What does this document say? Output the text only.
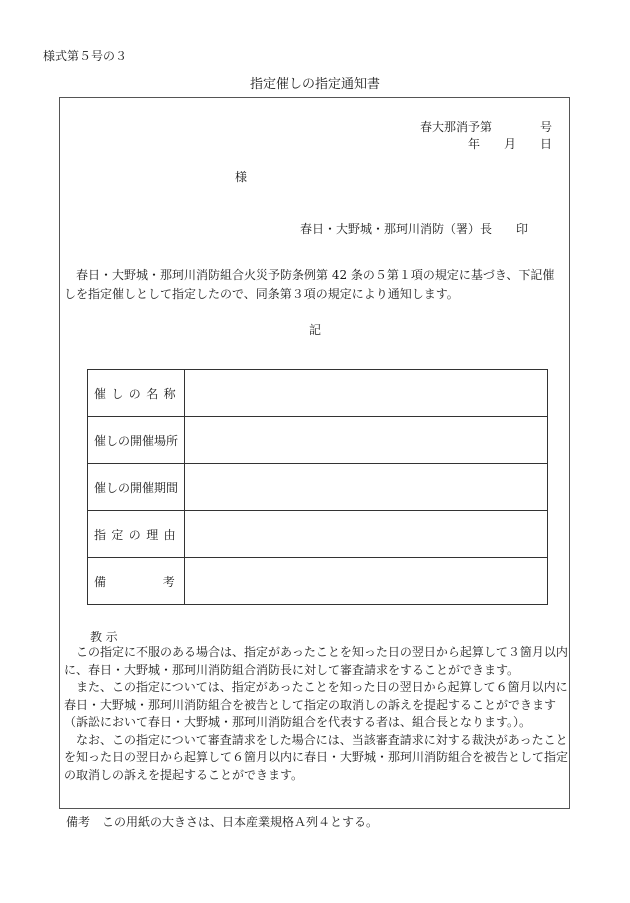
様式第５号の３
指定催しの指定通知書
春大那消予第　　　　号
年　　月　　日
様
春日・大野城・那珂川消防（署）長　　印
春日・大野城・那珂川消防組合火災予防条例第 42 条の５第１項の規定に基づき、下記催しを指定催しとして指定したので、同条第３項の規定により通知します。
記
催しの名称	
催しの開催場所	
催しの開催期間	
指定の理由	

備 考	

教示

この指定に不服のある場合は、指定があったことを知った日の翌日から起算して３箇月以内に、春日・大野城・那珂川消防組合消防長に対して審査請求をすることができます。

また、この指定については、指定があったことを知った日の翌日から起算して６箇月以内に春日・大野城・那珂川消防組合を被告として指定の取消しの訴えを提起することができます（訴訟において春日・大野城・那珂川消防組合を代表する者は、組合長となります。）。

なお、この指定について審査請求をした場合には、当該審査請求に対する裁決があったことを知った日の翌日から起算して６箇月以内に春日・大野城・那珂川消防組合を被告として指定の取消しの訴えを提起することができます。

備考　この用紙の大きさは、日本産業規格Ａ列４とする。
